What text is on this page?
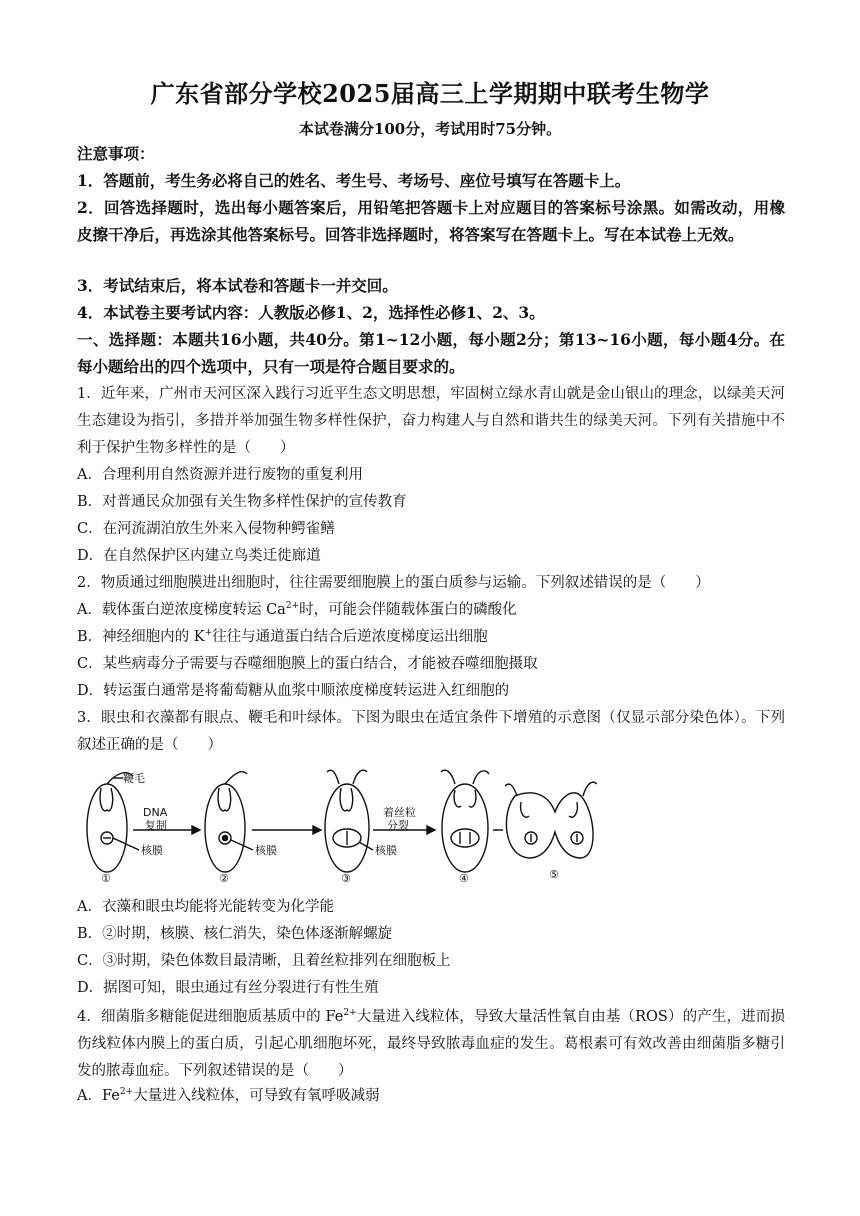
广东省部分学校2025届高三上学期期中联考生物学
本试卷满分100分，考试用时75分钟。
注意事项：
1．答题前，考生务必将自己的姓名、考生号、考场号、座位号填写在答题卡上。
2．回答选择题时，选出每小题答案后，用铅笔把答题卡上对应题目的答案标号涂黑。如需改动，用橡皮擦干净后，再选涂其他答案标号。回答非选择题时，将答案写在答题卡上。写在本试卷上无效。
3．考试结束后，将本试卷和答题卡一并交回。
4．本试卷主要考试内容：人教版必修1、2，选择性必修1、2、3。
一、选择题：本题共16小题，共40分。第1~12小题，每小题2分；第13~16小题，每小题4分。在每小题给出的四个选项中，只有一项是符合题目要求的。
1．近年来，广州市天河区深入践行习近平生态文明思想，牢固树立绿水青山就是金山银山的理念，以绿美天河生态建设为指引，多措并举加强生物多样性保护，奋力构建人与自然和谐共生的绿美天河。下列有关措施中不利于保护生物多样性的是（　　）
A．合理利用自然资源并进行废物的重复利用
B．对普通民众加强有关生物多样性保护的宣传教育
C．在河流湖泊放生外来入侵物种鳄雀鳝
D．在自然保护区内建立鸟类迁徙廊道
2．物质通过细胞膜进出细胞时，往往需要细胞膜上的蛋白质参与运输。下列叙述错误的是（　　）
A．载体蛋白逆浓度梯度转运 $Ca^{2+}$时，可能会伴随载体蛋白的磷酸化
B．神经细胞内的 K+往往与通道蛋白结合后逆浓度梯度运出细胞
C．某些病毒分子需要与吞噬细胞膜上的蛋白结合，才能被吞噬细胞摄取
D．转运蛋白通常是将葡萄糖从血浆中顺浓度梯度转运进入红细胞的
3．眼虫和衣藻都有眼点、鞭毛和叶绿体。下图为眼虫在适宜条件下增殖的示意图（仅显示部分染色体）。下列叙述正确的是（　　）
鞭毛
DNA
复制
核膜	核膜	核膜
着丝粒
分裂
①	②	③	④	⑤
A．衣藻和眼虫均能将光能转变为化学能
B．②时期，核膜、核仁消失，染色体逐渐解螺旋
C．③时期，染色体数目最清晰，且着丝粒排列在细胞板上
D．据图可知，眼虫通过有丝分裂进行有性生殖
4．细菌脂多糖能促进细胞质基质中的 $Fe^{2+}$大量进入线粒体，导致大量活性氧自由基（ROS）的产生，进而损伤线粒体内膜上的蛋白质，引起心肌细胞坏死，最终导致脓毒血症的发生。葛根素可有效改善由细菌脂多糖引发的脓毒血症。下列叙述错误的是（　　）
A．$Fe^{2+}$大量进入线粒体，可导致有氧呼吸减弱
